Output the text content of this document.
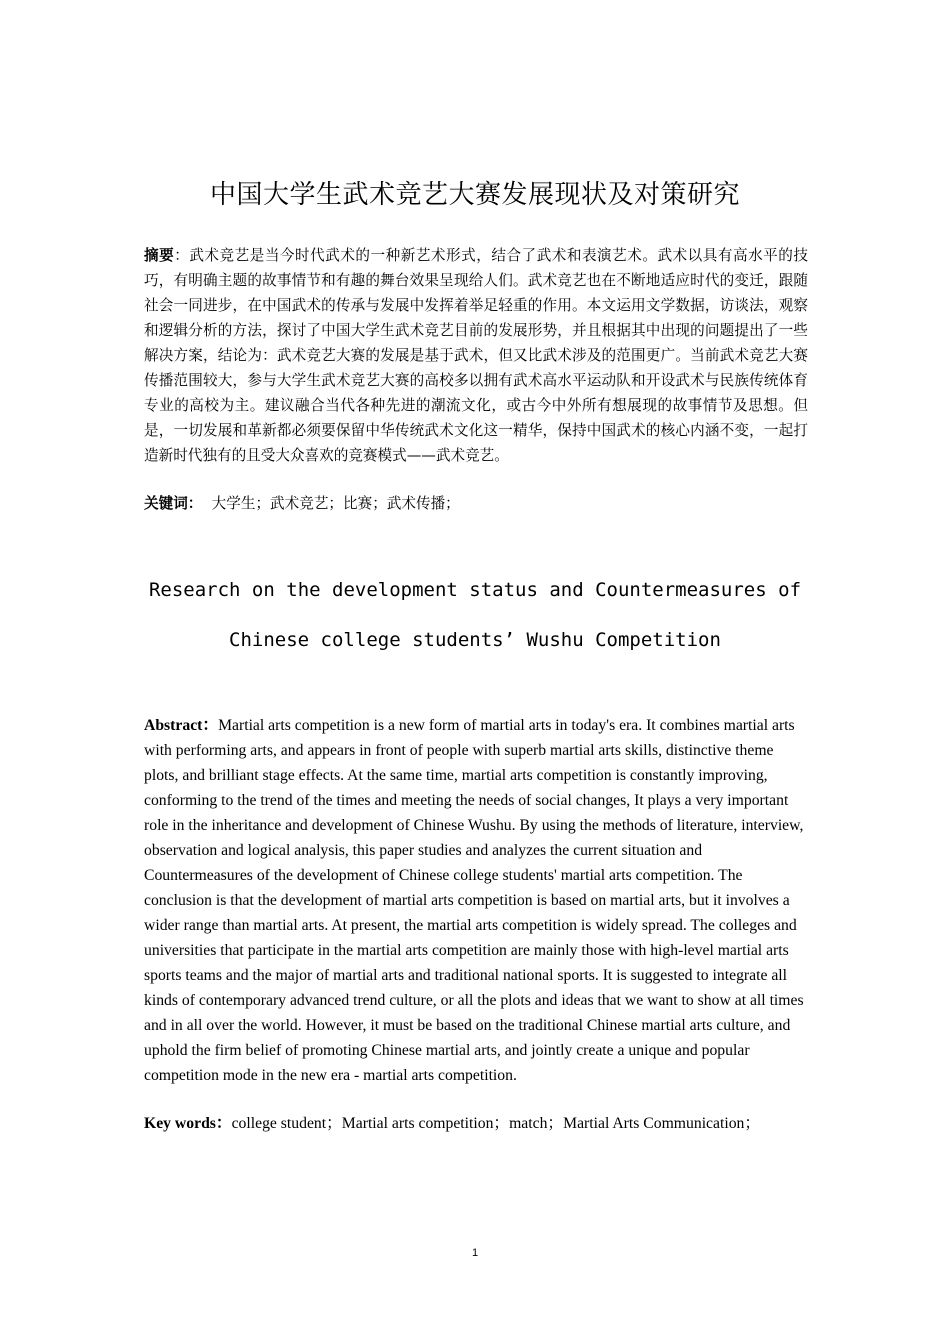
中国大学生武术竞艺大赛发展现状及对策研究
摘要：武术竞艺是当今时代武术的一种新艺术形式，结合了武术和表演艺术。武术以具有高水平的技巧，有明确主题的故事情节和有趣的舞台效果呈现给人们。武术竞艺也在不断地适应时代的变迁，跟随社会一同进步，在中国武术的传承与发展中发挥着举足轻重的作用。本文运用文学数据，访谈法，观察和逻辑分析的方法，探讨了中国大学生武术竞艺目前的发展形势，并且根据其中出现的问题提出了一些解决方案，结论为：武术竞艺大赛的发展是基于武术，但又比武术涉及的范围更广。当前武术竞艺大赛传播范围较大，参与大学生武术竞艺大赛的高校多以拥有武术高水平运动队和开设武术与民族传统体育专业的高校为主。建议融合当代各种先进的潮流文化，或古今中外所有想展现的故事情节及思想。但是，一切发展和革新都必须要保留中华传统武术文化这一精华，保持中国武术的核心内涵不变，一起打造新时代独有的且受大众喜欢的竞赛模式——武术竞艺。
关键词： 大学生；武术竞艺；比赛；武术传播；
Research on the development status and Countermeasures of
Chinese college students’ Wushu Competition
Abstract：Martial arts competition is a new form of martial arts in today's era. It combines martial arts with performing arts, and appears in front of people with superb martial arts skills, distinctive theme plots, and brilliant stage effects. At the same time, martial arts competition is constantly improving, conforming to the trend of the times and meeting the needs of social changes, It plays a very important role in the inheritance and development of Chinese Wushu. By using the methods of literature, interview, observation and logical analysis, this paper studies and analyzes the current situation and Countermeasures of the development of Chinese college students' martial arts competition. The conclusion is that the development of martial arts competition is based on martial arts, but it involves a wider range than martial arts. At present, the martial arts competition is widely spread. The colleges and universities that participate in the martial arts competition are mainly those with high-level martial arts sports teams and the major of martial arts and traditional national sports. It is suggested to integrate all kinds of contemporary advanced trend culture, or all the plots and ideas that we want to show at all times and in all over the world. However, it must be based on the traditional Chinese martial arts culture, and uphold the firm belief of promoting Chinese martial arts, and jointly create a unique and popular competition mode in the new era - martial arts competition.
Key words：college student；Martial arts competition；match；Martial Arts Communication；
1
